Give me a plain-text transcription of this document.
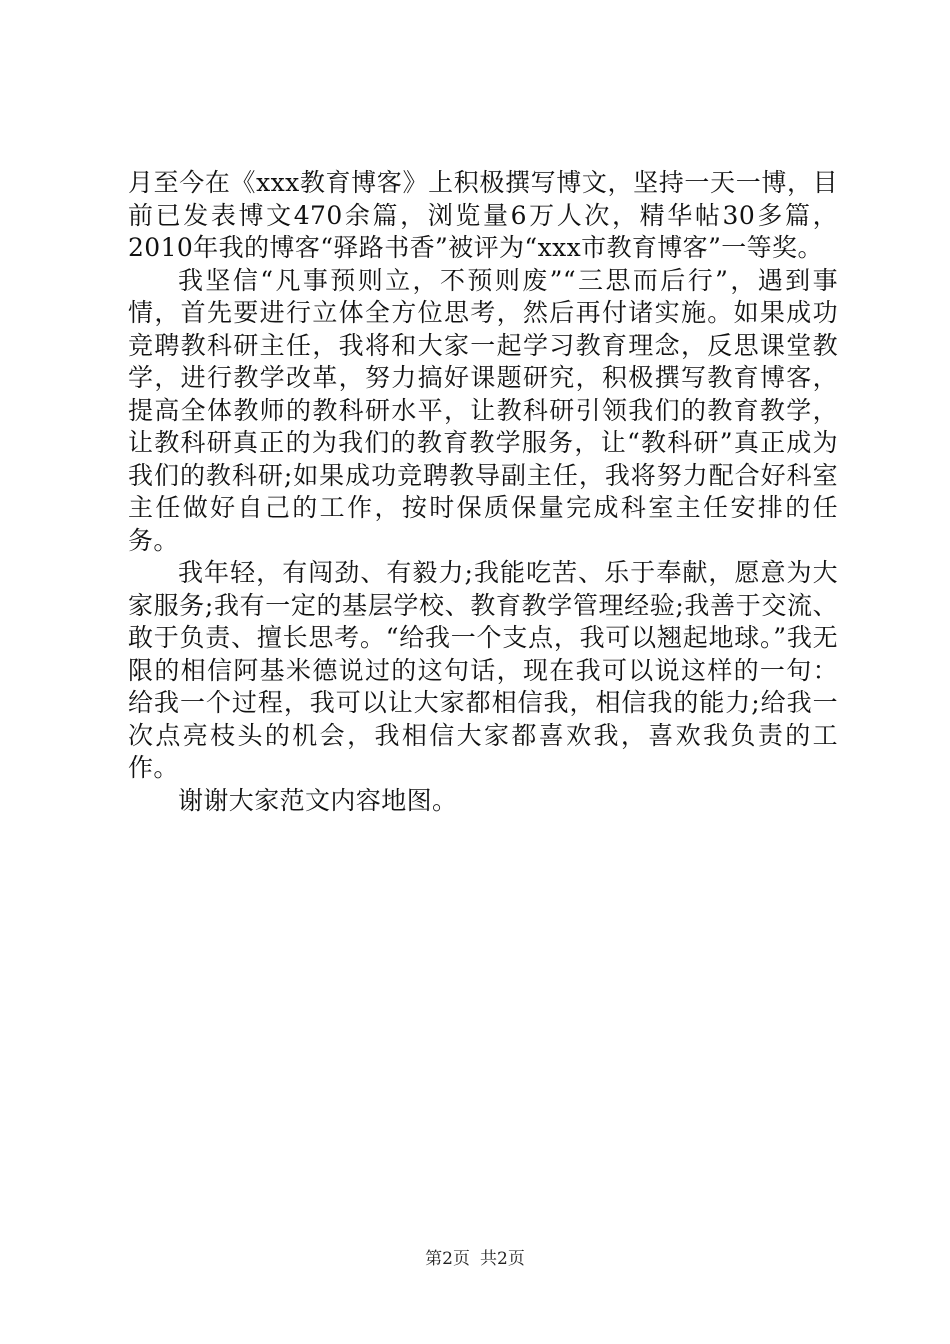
月至今在《xxx教育博客》上积极撰写博文，坚持一天一博，目前已发表博文470余篇，浏览量6万人次，精华帖30多篇，2010年我的博客“驿路书香”被评为“xxx市教育博客”一等奖。

我坚信“凡事预则立，不预则废”“三思而后行”，遇到事情，首先要进行立体全方位思考，然后再付诸实施。如果成功竞聘教科研主任，我将和大家一起学习教育理念，反思课堂教学，进行教学改革，努力搞好课题研究，积极撰写教育博客，提高全体教师的教科研水平，让教科研引领我们的教育教学，让教科研真正的为我们的教育教学服务，让“教科研”真正成为我们的教科研;如果成功竞聘教导副主任，我将努力配合好科室主任做好自己的工作，按时保质保量完成科室主任安排的任务。

我年轻，有闯劲、有毅力;我能吃苦、乐于奉献，愿意为大家服务;我有一定的基层学校、教育教学管理经验;我善于交流、敢于负责、擅长思考。“给我一个支点，我可以翘起地球。”我无限的相信阿基米德说过的这句话，现在我可以说这样的一句：给我一个过程，我可以让大家都相信我，相信我的能力;给我一次点亮枝头的机会，我相信大家都喜欢我，喜欢我负责的工作。

谢谢大家范文内容地图。

第2页 共2页
